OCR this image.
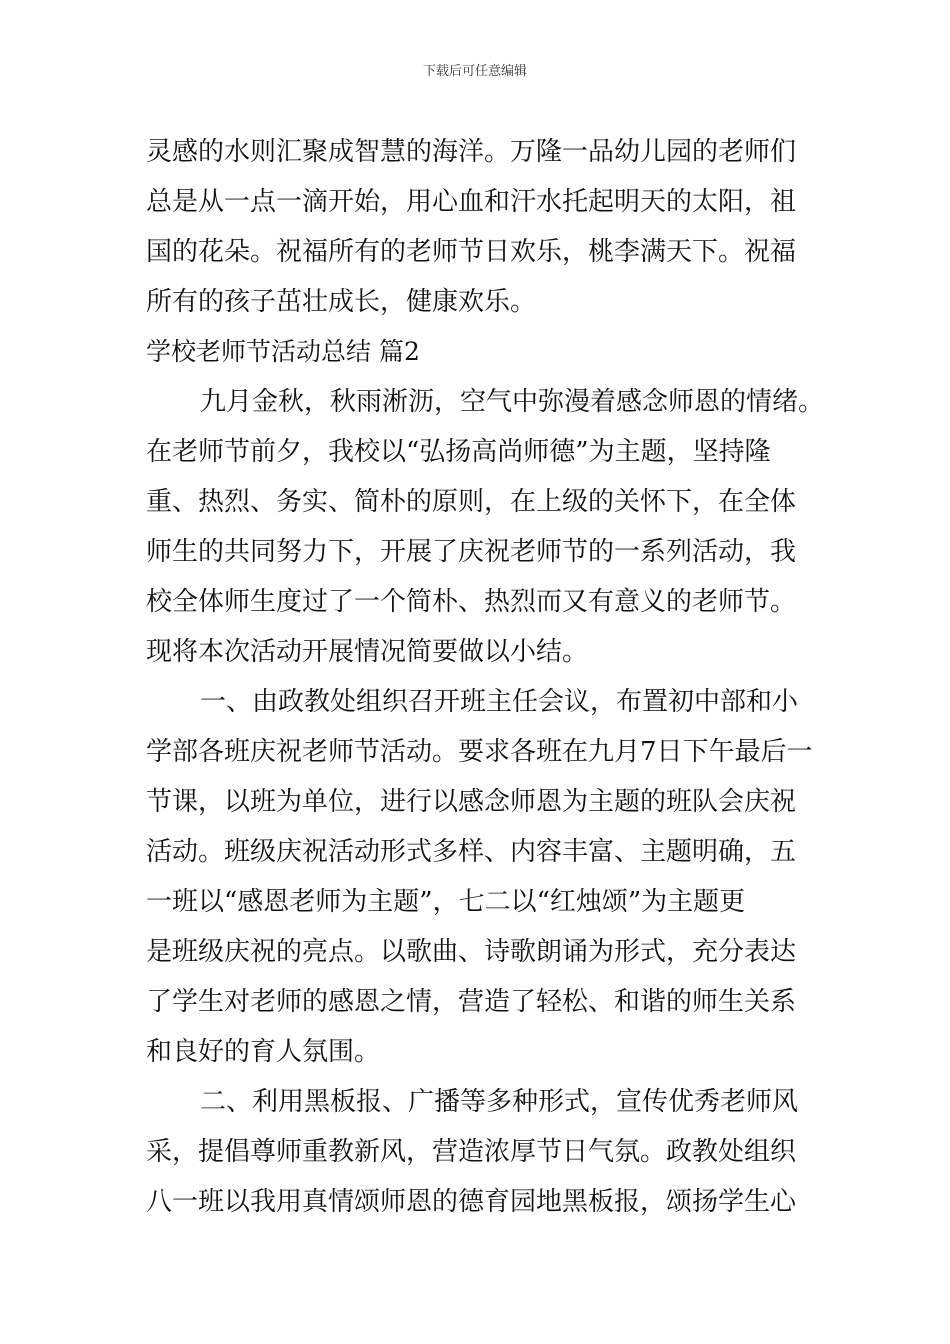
下载后可任意编辑
灵感的水则汇聚成智慧的海洋。万隆一品幼儿园的老师们
总是从一点一滴开始，用心血和汗水托起明天的太阳，祖
国的花朵。祝福所有的老师节日欢乐，桃李满天下。祝福
所有的孩子茁壮成长，健康欢乐。
学校老师节活动总结 篇2
九月金秋，秋雨淅沥，空气中弥漫着感念师恩的情绪。
在老师节前夕，我校以“弘扬高尚师德”为主题，坚持隆
重、热烈、务实、简朴的原则，在上级的关怀下，在全体
师生的共同努力下，开展了庆祝老师节的一系列活动，我
校全体师生度过了一个简朴、热烈而又有意义的老师节。
现将本次活动开展情况简要做以小结。
一、由政教处组织召开班主任会议，布置初中部和小
学部各班庆祝老师节活动。要求各班在九月7日下午最后一
节课，以班为单位，进行以感念师恩为主题的班队会庆祝
活动。班级庆祝活动形式多样、内容丰富、主题明确，五
一班以“感恩老师为主题”，七二以“红烛颂”为主题更
是班级庆祝的亮点。以歌曲、诗歌朗诵为形式，充分表达
了学生对老师的感恩之情，营造了轻松、和谐的师生关系
和良好的育人氛围。
二、利用黑板报、广播等多种形式，宣传优秀老师风
采，提倡尊师重教新风，营造浓厚节日气氛。政教处组织
八一班以我用真情颂师恩的德育园地黑板报，颂扬学生心
